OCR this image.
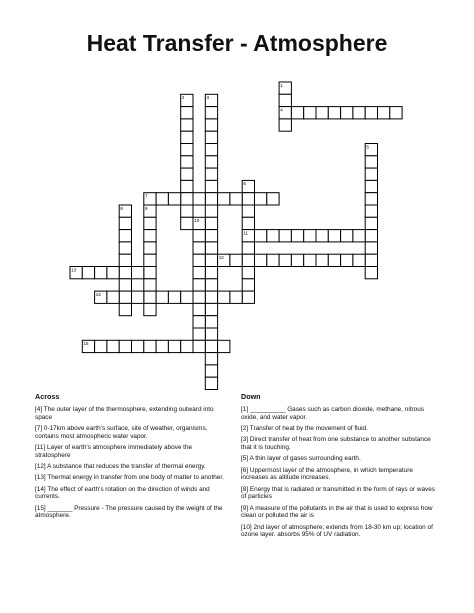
Heat Transfer - Atmosphere
1
2	3
4
5
6
7
8	9
10
11
12
13
14
15
Across
[4] The outer layer of the thermosphere, extending outward into space
[7] 0-17km above earth's surface, site of weather, organisms, contains most atmospheric water vapor.
[11] Layer of earth's atmosphere immediately above the stratosphere
[12] A substance that reduces the transfer of thermal energy.
[13] Thermal energy in transfer from one body of matter to another.
[14] The effect of earth's rotation on the direction of winds and currents.
[15] _______ Pressure - The pressure caused by the weight of the atmosphere.
Down
[1] __________ Gases such as carbon dioxide, methane, nitrous oxide, and water vapor.
[2] Transfer of heat by the movement of fluid.
[3] Direct transfer of heat from one substance to another substance that it is touching.
[5] A thin layer of gases surrounding earth.
[6] Uppermost layer of the atmosphere, in which temperature increases as altitude increases.
[8] Energy that is radiated or transmitted in the form of rays or waves of particles
[9] A measure of the pollutants in the air that is used to express how clean or polluted the air is
[10] 2nd layer of atmosphere; extends from 18-30 km up; location of ozone layer. absorbs 95% of UV radiation.
